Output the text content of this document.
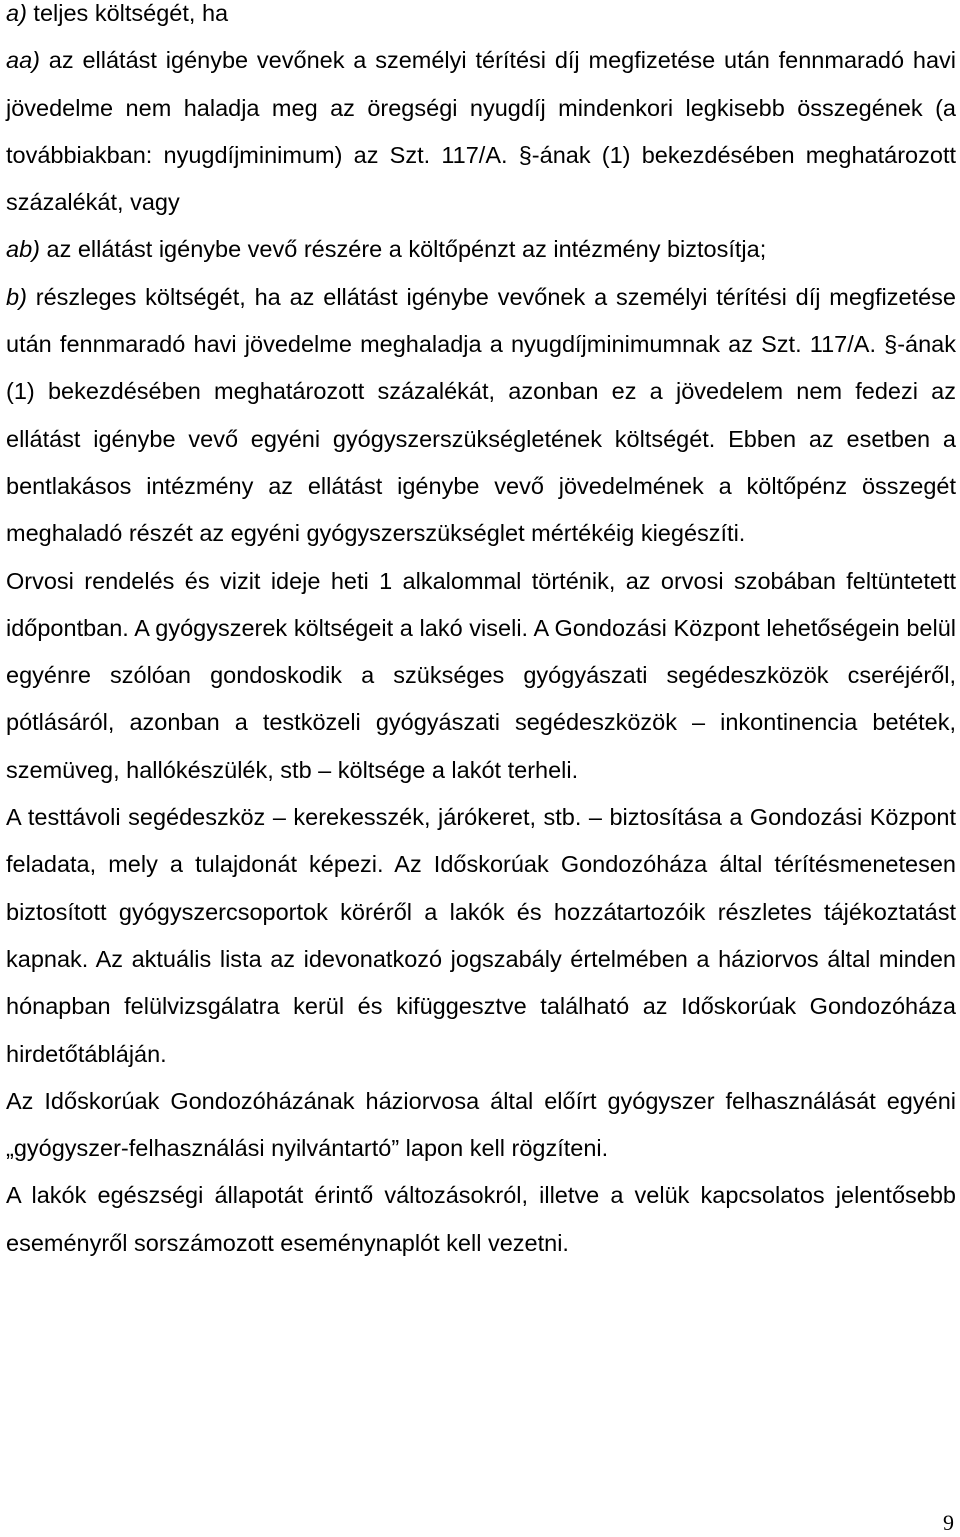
a) teljes költségét, ha

aa) az ellátást igénybe vevőnek a személyi térítési díj megfizetése után fennmaradó havi jövedelme nem haladja meg az öregségi nyugdíj mindenkori legkisebb összegének (a továbbiakban: nyugdíjminimum) az Szt. 117/A. §-ának (1) bekezdésében meghatározott százalékát, vagy

ab) az ellátást igénybe vevő részére a költőpénzt az intézmény biztosítja;

b) részleges költségét, ha az ellátást igénybe vevőnek a személyi térítési díj megfizetése után fennmaradó havi jövedelme meghaladja a nyugdíjminimumnak az Szt. 117/A. §-ának (1) bekezdésében meghatározott százalékát, azonban ez a jövedelem nem fedezi az ellátást igénybe vevő egyéni gyógyszerszükségletének költségét. Ebben az esetben a bentlakásos intézmény az ellátást igénybe vevő jövedelmének a költőpénz összegét meghaladó részét az egyéni gyógyszerszükséglet mértékéig kiegészíti.

Orvosi rendelés és vizit ideje heti 1 alkalommal történik, az orvosi szobában feltüntetett időpontban. A gyógyszerek költségeit a lakó viseli. A Gondozási Központ lehetőségein belül egyénre szólóan gondoskodik a szükséges gyógyászati segédeszközök cseréjéről, pótlásáról, azonban a testközeli gyógyászati segédeszközök – inkontinencia betétek, szemüveg, hallókészülék, stb – költsége a lakót terheli.

A testtávoli segédeszköz – kerekesszék, járókeret, stb. – biztosítása a Gondozási Központ feladata, mely a tulajdonát képezi. Az Időskorúak Gondozóháza által térítésmenetesen biztosított gyógyszercsoportok köréről a lakók és hozzátartozóik részletes tájékoztatást kapnak. Az aktuális lista az idevonatkozó jogszabály értelmében a háziorvos által minden hónapban felülvizsgálatra kerül és kifüggesztve található az Időskorúak Gondozóháza hirdetőtábláján.

Az Időskorúak Gondozóházának háziorvosa által előírt gyógyszer felhasználását egyéni „gyógyszer-felhasználási nyilvántartó” lapon kell rögzíteni.

A lakók egészségi állapotát érintő változásokról, illetve a velük kapcsolatos jelentősebb eseményről sorszámozott eseménynaplót kell vezetni.

9
